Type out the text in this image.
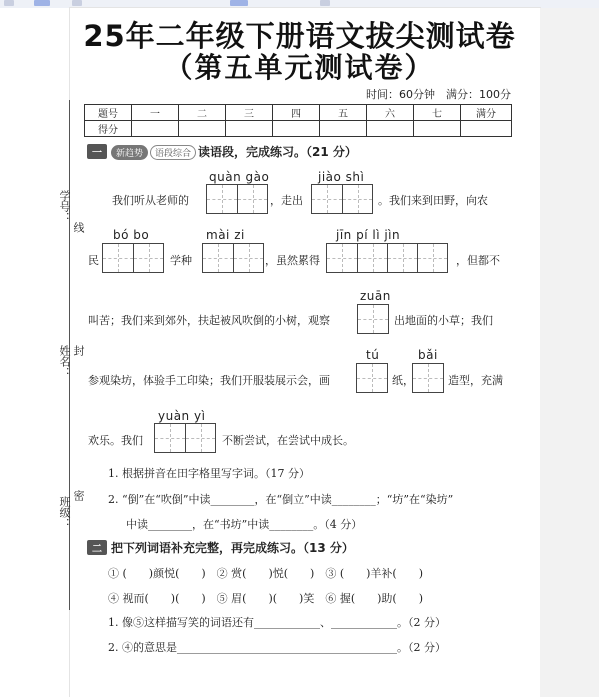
25年二年级下册语文拔尖测试卷
（第五单元测试卷）
时间：60分钟　满分：100分
题号	一	二	三	四	五	六	七	满分
得分								
学号：
线
姓名： 封
班级：
密
一 新趋势 语段综合 读语段，完成练习。（21 分）
quàn gào	jiào shì
我们听从老师的	，走出	。我们来到田野，向农
bó bo	mài zi	jīn pí lì jìn
民	学种	，虽然累得	，但都不
zuān
叫苦；我们来到郊外，扶起被风吹倒的小树，观察	出地面的小草；我们
tú	bǎi
参观染坊，体验手工印染；我们开服装展示会，画	纸，	造型，充满
yuàn yì
欢乐。我们	不断尝试，在尝试中成长。
1. 根据拼音在田字格里写字词。（17 分）
2. “倒”在“吹倒”中读________，在“倒立”中读________；“坊”在“染坊”
中读________，在“书坊”中读________。（4 分）
二 把下列词语补充完整，再完成练习。（13 分）
① (　　)颜悦(　　)　② 赏(　　)悦(　　)　③ (　　)羊补(　　)
④ 视而(　　)(　　)　⑤ 眉(　　)(　　)笑　⑥ 握(　　)助(　　)
1. 像⑤这样描写笑的词语还有____________、____________。（2 分）
2. ④的意思是________________________________________。（2 分）
